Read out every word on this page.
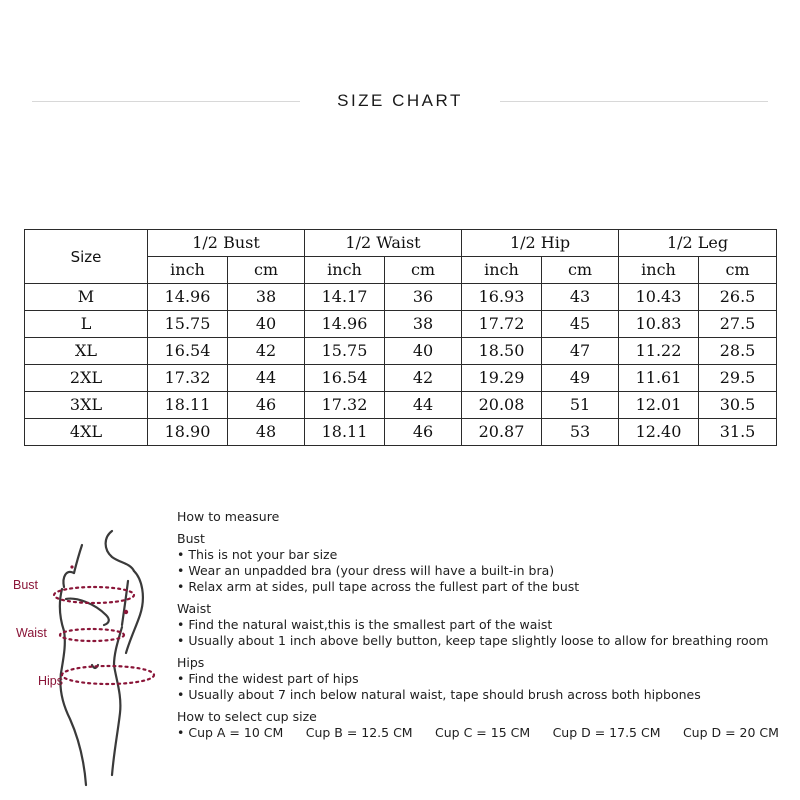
SIZE CHART
Size	1/2 Bust		1/2 Waist		1/2 Hip		1/2 Leg	
	inch	cm	inch	cm	inch	cm	inch	cm
M	14.96	38	14.17	36	16.93	43	10.43	26.5
L	15.75	40	14.96	38	17.72	45	10.83	27.5
XL	16.54	42	15.75	40	18.50	47	11.22	28.5
2XL	17.32	44	16.54	42	19.29	49	11.61	29.5
3XL	18.11	46	17.32	44	20.08	51	12.01	30.5
4XL	18.90	48	18.11	46	20.87	53	12.40	31.5
Bust
Waist
Hips
How to measure
Bust
• This is not your bar size
• Wear an unpadded bra (your dress will have a built-in bra)
• Relax arm at sides, pull tape across the fullest part of the bust
Waist
• Find the natural waist,this is the smallest part of the waist
• Usually about 1 inch above belly button, keep tape slightly loose to allow for breathing room
Hips
• Find the widest part of hips
• Usually about 7 inch below natural waist, tape should brush across both hipbones
How to select cup size
• Cup A = 10 CM Cup B = 12.5 CM Cup C = 15 CM Cup D = 17.5 CM Cup D = 20 CM
